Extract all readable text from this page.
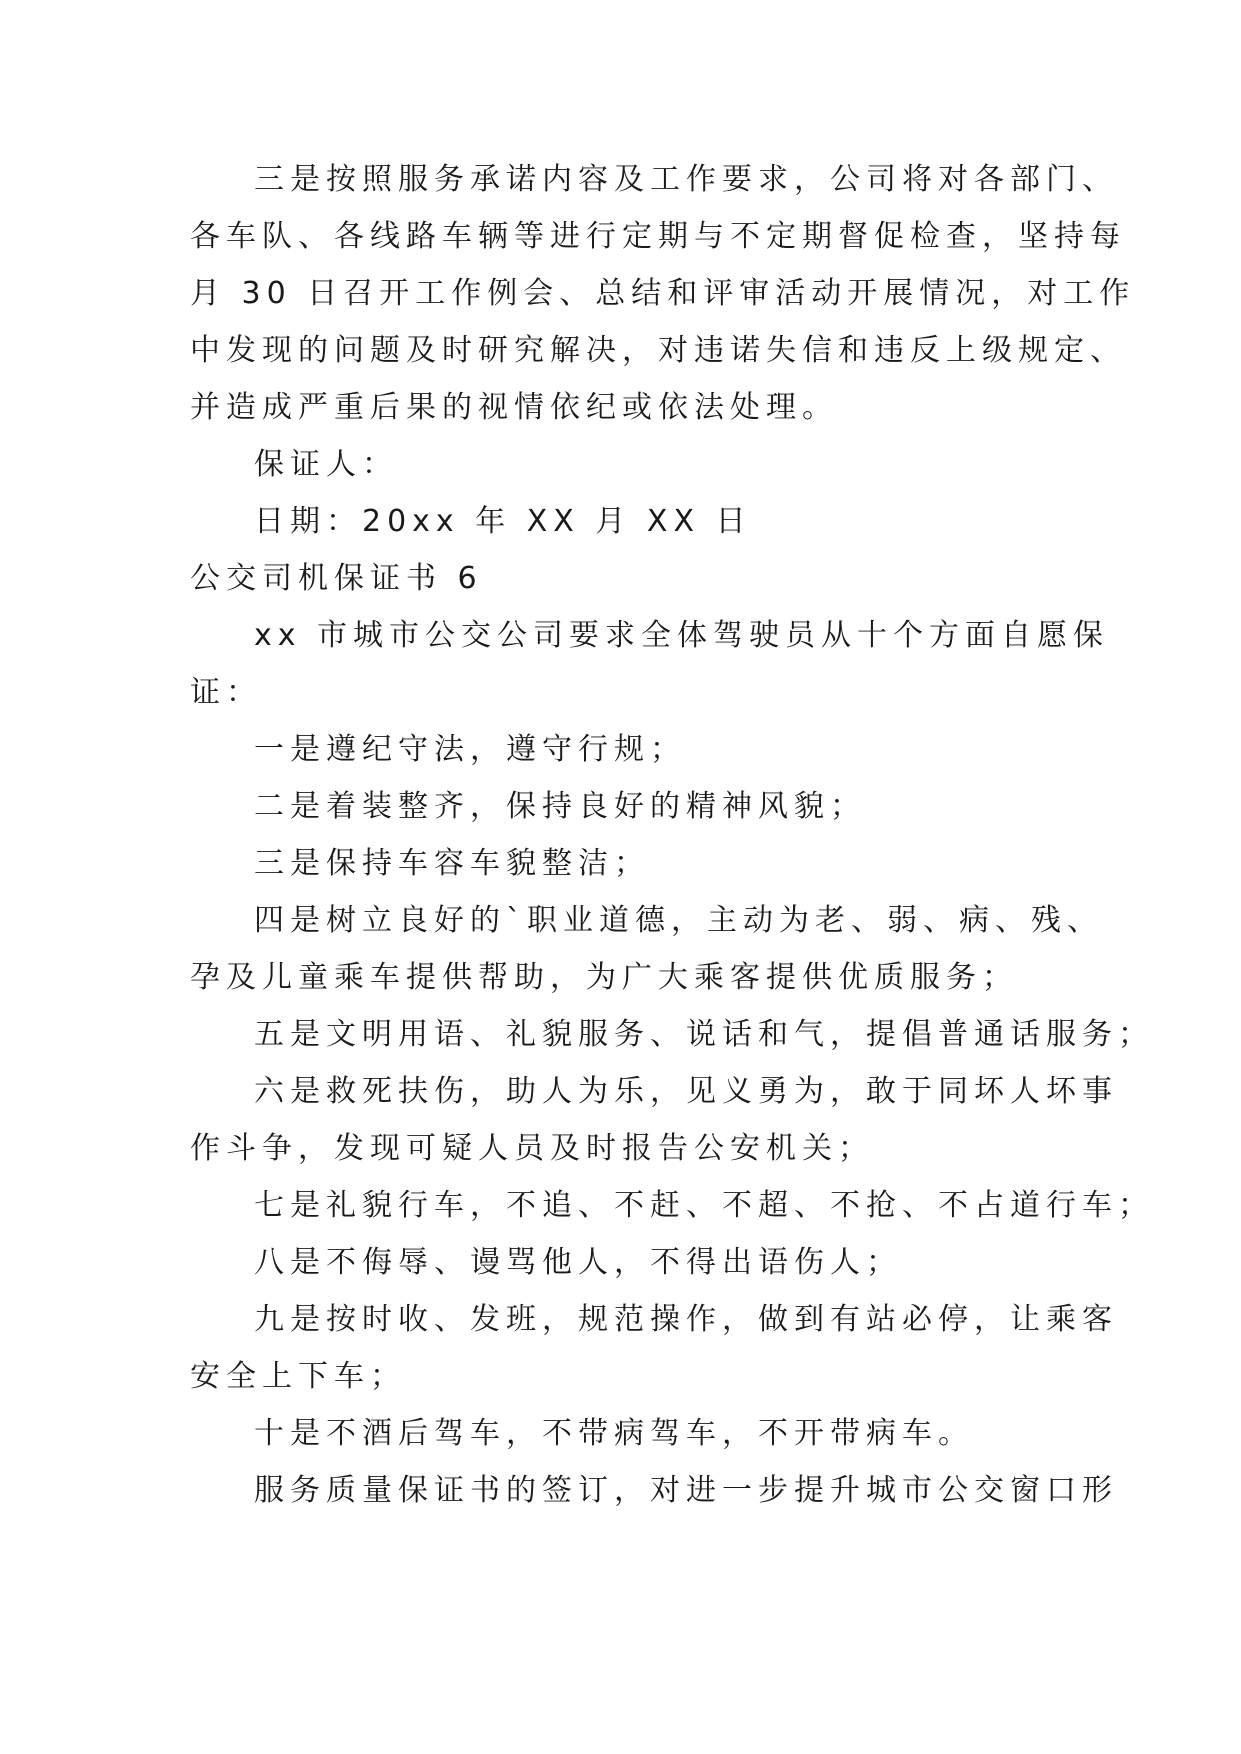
三是按照服务承诺内容及工作要求，公司将对各部门、
各车队、各线路车辆等进行定期与不定期督促检查，坚持每
月 30 日召开工作例会、总结和评审活动开展情况，对工作
中发现的问题及时研究解决，对违诺失信和违反上级规定、
并造成严重后果的视情依纪或依法处理。
保证人：
日期：20xx 年 XX 月 XX 日
公交司机保证书 6
xx 市城市公交公司要求全体驾驶员从十个方面自愿保
证：
一是遵纪守法，遵守行规；
二是着装整齐，保持良好的精神风貌；
三是保持车容车貌整洁；
四是树立良好的`职业道德，主动为老、弱、病、残、
孕及儿童乘车提供帮助，为广大乘客提供优质服务；
五是文明用语、礼貌服务、说话和气，提倡普通话服务；
六是救死扶伤，助人为乐，见义勇为，敢于同坏人坏事
作斗争，发现可疑人员及时报告公安机关；
七是礼貌行车，不追、不赶、不超、不抢、不占道行车；
八是不侮辱、谩骂他人，不得出语伤人；
九是按时收、发班，规范操作，做到有站必停，让乘客
安全上下车；
十是不酒后驾车，不带病驾车，不开带病车。
服务质量保证书的签订，对进一步提升城市公交窗口形
